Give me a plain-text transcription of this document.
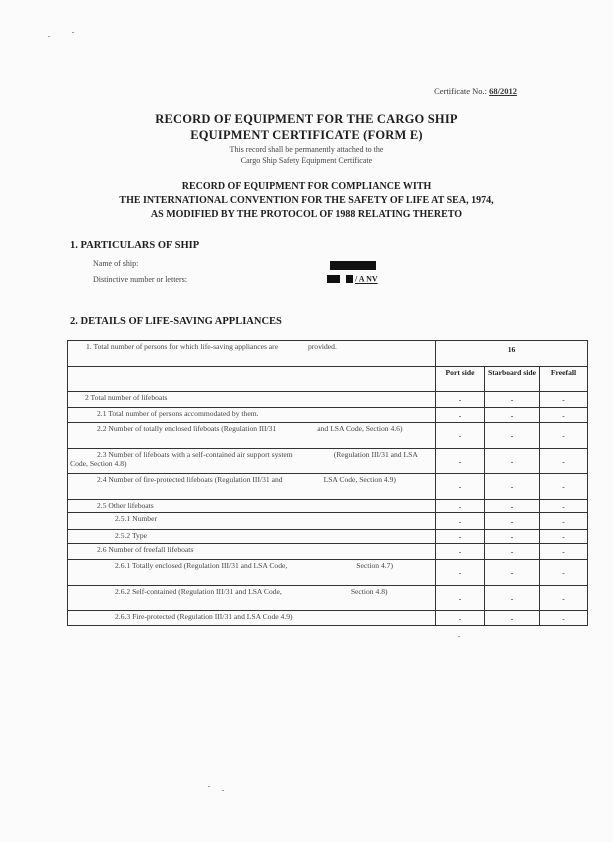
Certificate No.: 68/2012
RECORD OF EQUIPMENT FOR THE CARGO SHIP
EQUIPMENT CERTIFICATE (FORM E)
This record shall be permanently attached to the
Cargo Ship Safety Equipment Certificate
RECORD OF EQUIPMENT FOR COMPLIANCE WITH
THE INTERNATIONAL CONVENTION FOR THE SAFETY OF LIFE AT SEA, 1974,
AS MODIFIED BY THE PROTOCOL OF 1988 RELATING THERETO
1. PARTICULARS OF SHIP
Name of ship:
Distinctive number or letters:	/ A NV
2. DETAILS OF LIFE-SAVING APPLIANCES
1. Total number of persons for which life-saving appliances are provided.	16		
	Port side	Starboard side	Freefall
2 Total number of lifeboats	-	-	-
2.1 Total number of persons accommodated by them.	-	-	-
2.2 Number of totally enclosed lifeboats (Regulation III/31 and LSA Code, Section 4.6)	-	-	-
2.3 Number of lifeboats with a self-contained air support system (Regulation III/31 and LSA Code, Section 4.8)	-	-	-
2.4 Number of fire-protected lifeboats (Regulation III/31 and LSA Code, Section 4.9)	-	-	-
2.5 Other lifeboats	-	-	-
2.5.1 Number	-	-	-
2.5.2 Type	-	-	-
2.6 Number of freefall lifeboats	-	-	-
2.6.1 Totally enclosed (Regulation III/31 and LSA Code, Section 4.7)	-	-	-
2.6.2 Self-contained (Regulation III/31 and LSA Code, Section 4.8)	-	-	-
2.6.3 Fire-protected (Regulation III/31 and LSA Code 4.9)	-	-	-
